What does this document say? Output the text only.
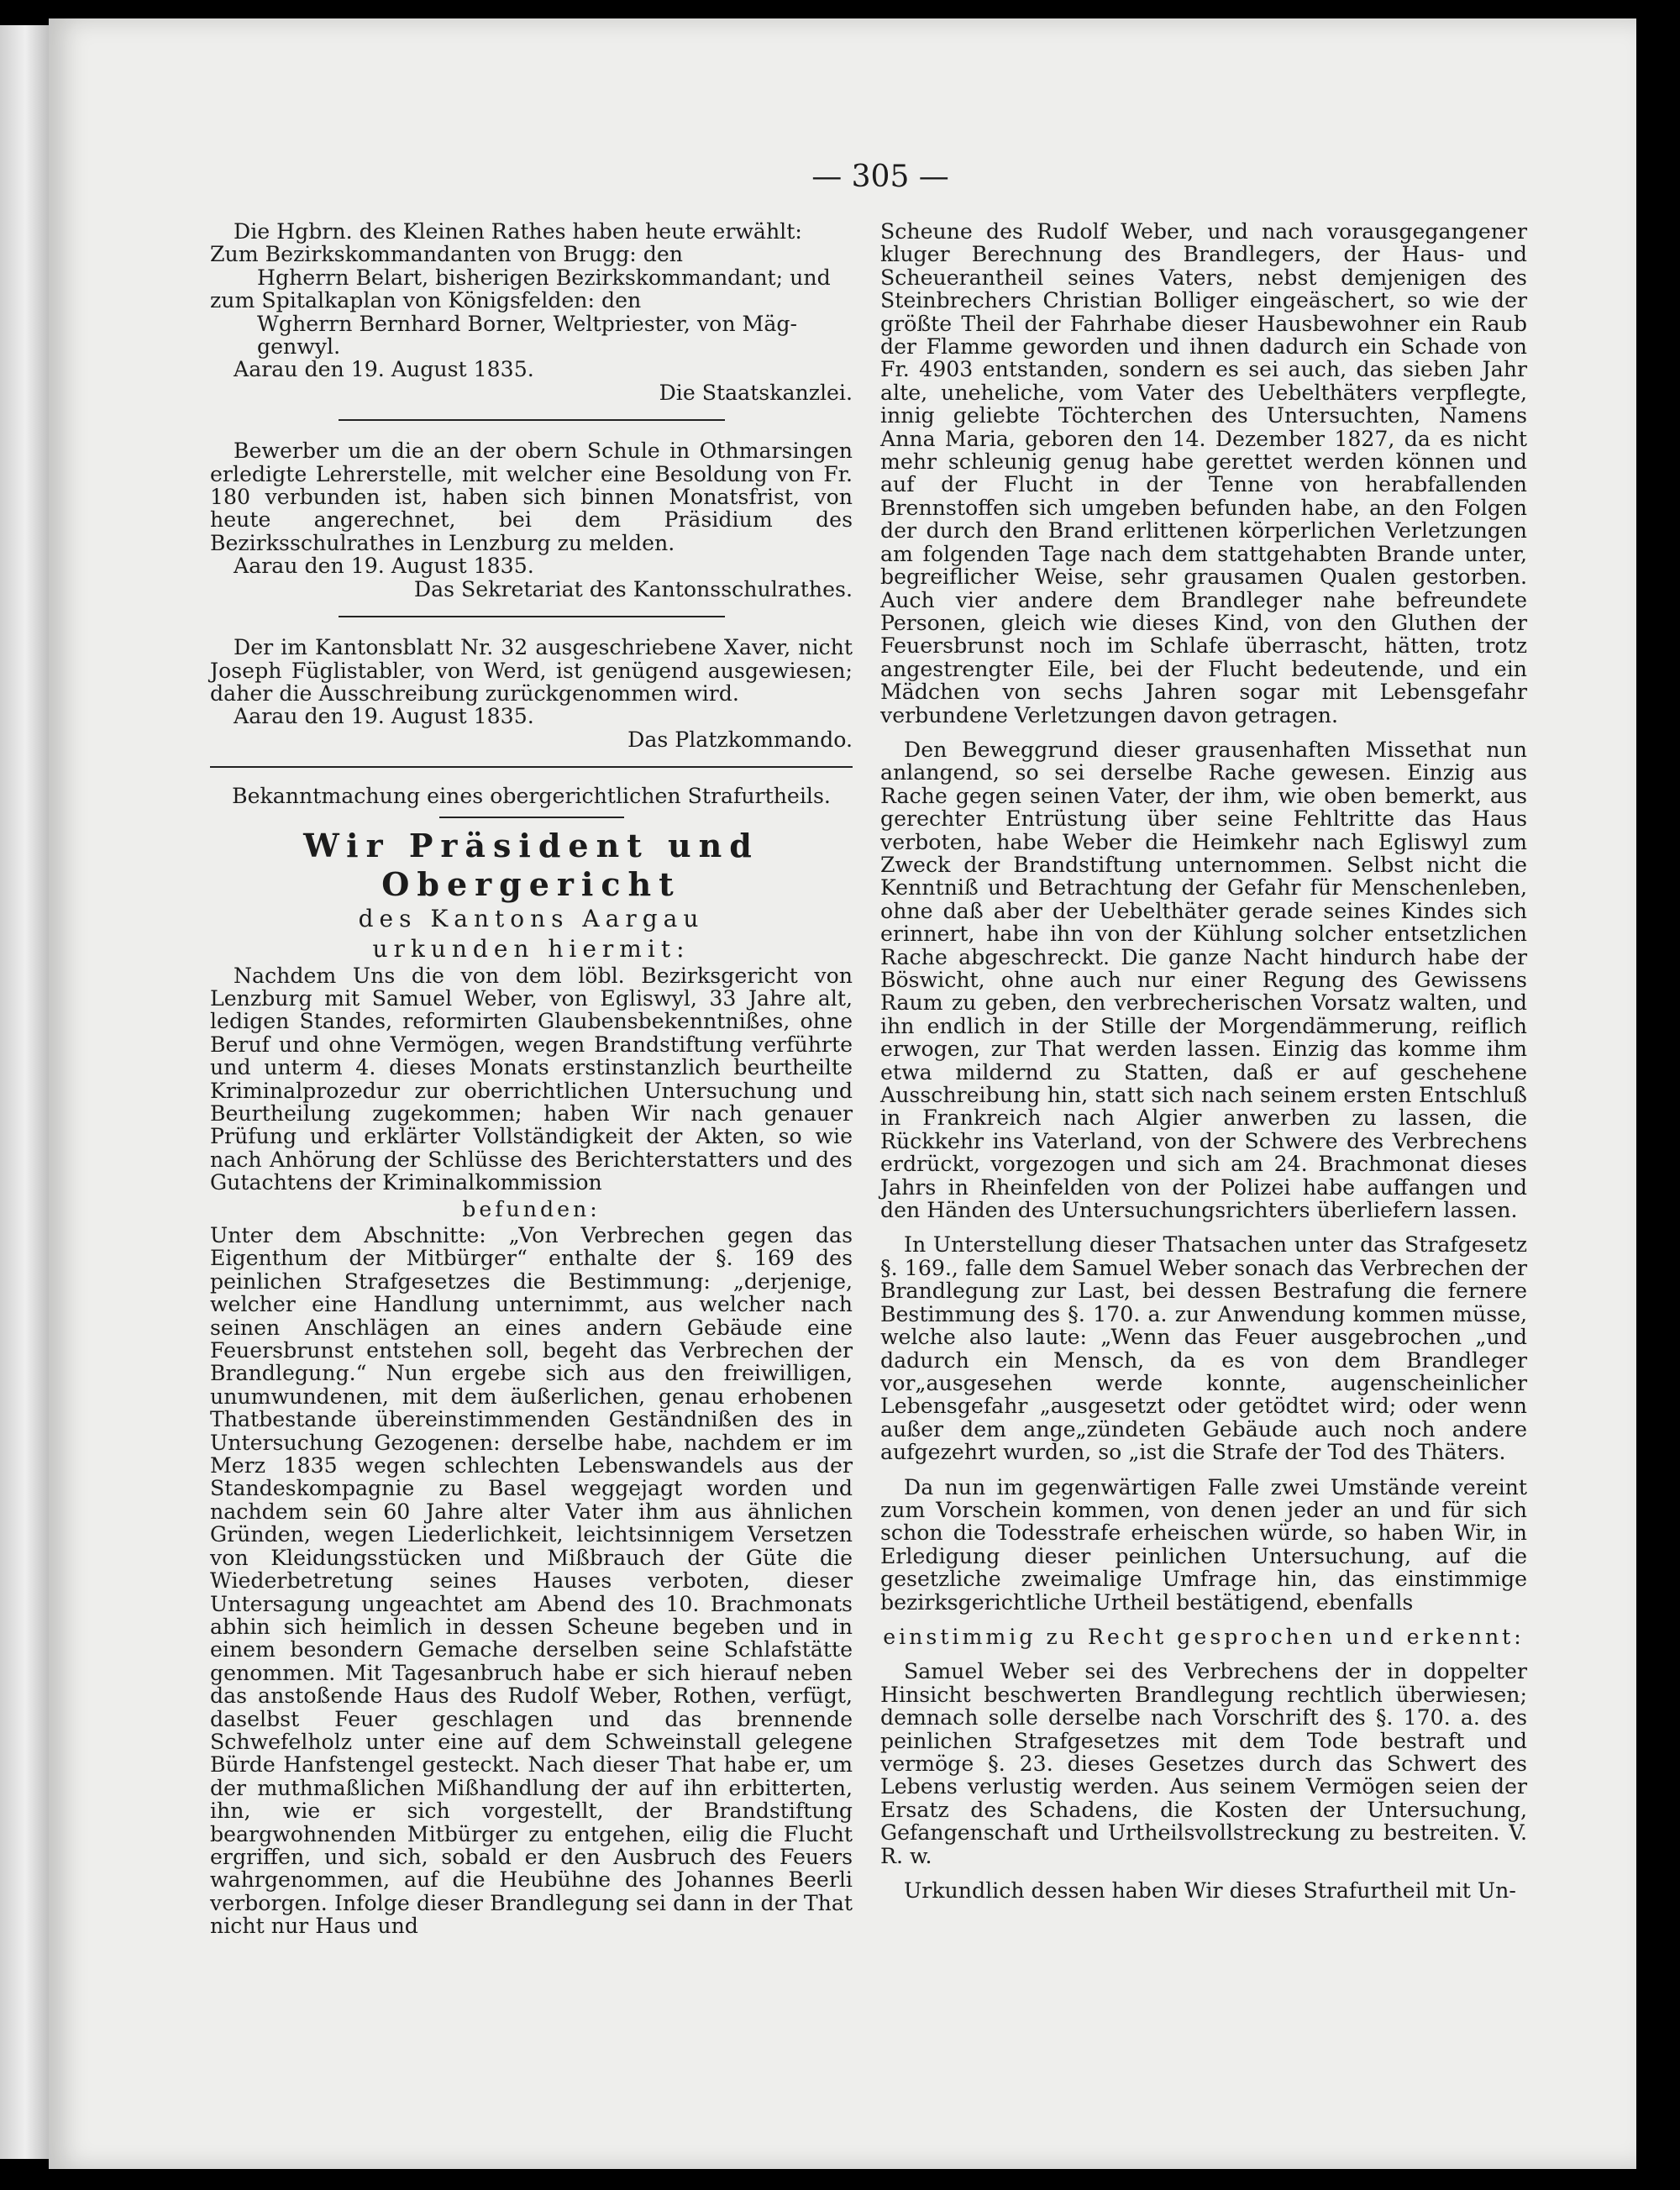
— 305 —

Die Hgbrn. des Kleinen Rathes haben heute erwählt:

Zum Bezirkskommandanten von Brugg: den

Hgherrn Belart, bisherigen Bezirkskommandant; und

zum Spitalkaplan von Königsfelden: den

Wgherrn Bernhard Borner, Weltpriester, von Mäg-

genwyl.

Aarau den 19. August 1835.

Die Staatskanzlei.

Bewerber um die an der obern Schule in Othmarsingen erledigte Lehrerstelle, mit welcher eine Besoldung von Fr. 180 verbunden ist, haben sich binnen Monatsfrist, von heute angerechnet, bei dem Präsidium des Bezirksschulrathes in Lenzburg zu melden.

Aarau den 19. August 1835.

Das Sekretariat des Kantonsschulrathes.

Der im Kantonsblatt Nr. 32 ausgeschriebene Xaver, nicht Joseph Füglistabler, von Werd, ist genügend ausgewiesen; daher die Ausschreibung zurückgenommen wird.

Aarau den 19. August 1835.

Das Platzkommando.

Bekanntmachung eines obergerichtlichen Strafurtheils.

Wir Präsident und Obergericht

des Kantons Aargau

urkunden hiermit:

Nachdem Uns die von dem löbl. Bezirksgericht von Lenzburg mit Samuel Weber, von Egliswyl, 33 Jahre alt, ledigen Standes, reformirten Glaubensbekenntnißes, ohne Beruf und ohne Vermögen, wegen Brandstiftung verführte und unterm 4. dieses Monats erstinstanzlich beurtheilte Kriminalprozedur zur oberrichtlichen Untersuchung und Beurtheilung zugekommen; haben Wir nach genauer Prüfung und erklärter Vollständigkeit der Akten, so wie nach Anhörung der Schlüsse des Berichterstatters und des Gutachtens der Kriminalkommission

befunden:

Unter dem Abschnitte: „Von Verbrechen gegen das Eigenthum der Mitbürger“ enthalte der §. 169 des peinlichen Strafgesetzes die Bestimmung: „derjenige, welcher eine Handlung unternimmt, aus welcher nach seinen Anschlägen an eines andern Gebäude eine Feuersbrunst entstehen soll, begeht das Verbrechen der Brandlegung.“ Nun ergebe sich aus den freiwilligen, unumwundenen, mit dem äußerlichen, genau erhobenen Thatbestande übereinstimmenden Geständnißen des in Untersuchung Gezogenen: derselbe habe, nachdem er im Merz 1835 wegen schlechten Lebenswandels aus der Standeskompagnie zu Basel weggejagt worden und nachdem sein 60 Jahre alter Vater ihm aus ähnlichen Gründen, wegen Liederlichkeit, leichtsinnigem Versetzen von Kleidungsstücken und Mißbrauch der Güte die Wiederbetretung seines Hauses verboten, dieser Untersagung ungeachtet am Abend des 10. Brachmonats abhin sich heimlich in dessen Scheune begeben und in einem besondern Gemache derselben seine Schlafstätte genommen. Mit Tagesanbruch habe er sich hierauf neben das anstoßende Haus des Rudolf Weber, Rothen, verfügt, daselbst Feuer geschlagen und das brennende Schwefelholz unter eine auf dem Schweinstall gelegene Bürde Hanfstengel gesteckt. Nach dieser That habe er, um der muthmaßlichen Mißhandlung der auf ihn erbitterten, ihn, wie er sich vorgestellt, der Brandstiftung beargwohnenden Mitbürger zu entgehen, eilig die Flucht ergriffen, und sich, sobald er den Ausbruch des Feuers wahrgenommen, auf die Heubühne des Johannes Beerli verborgen. Infolge dieser Brandlegung sei dann in der That nicht nur Haus und

Scheune des Rudolf Weber, und nach vorausgegangener kluger Berechnung des Brandlegers, der Haus- und Scheuerantheil seines Vaters, nebst demjenigen des Steinbrechers Christian Bolliger eingeäschert, so wie der größte Theil der Fahrhabe dieser Hausbewohner ein Raub der Flamme geworden und ihnen dadurch ein Schade von Fr. 4903 entstanden, sondern es sei auch, das sieben Jahr alte, uneheliche, vom Vater des Uebelthäters verpflegte, innig geliebte Töchterchen des Untersuchten, Namens Anna Maria, geboren den 14. Dezember 1827, da es nicht mehr schleunig genug habe gerettet werden können und auf der Flucht in der Tenne von herabfallenden Brennstoffen sich umgeben befunden habe, an den Folgen der durch den Brand erlittenen körperlichen Verletzungen am folgenden Tage nach dem stattgehabten Brande unter, begreiflicher Weise, sehr grausamen Qualen gestorben. Auch vier andere dem Brandleger nahe befreundete Personen, gleich wie dieses Kind, von den Gluthen der Feuersbrunst noch im Schlafe überrascht, hätten, trotz angestrengter Eile, bei der Flucht bedeutende, und ein Mädchen von sechs Jahren sogar mit Lebensgefahr verbundene Verletzungen davon getragen.

Den Beweggrund dieser grausenhaften Missethat nun anlangend, so sei derselbe Rache gewesen. Einzig aus Rache gegen seinen Vater, der ihm, wie oben bemerkt, aus gerechter Entrüstung über seine Fehltritte das Haus verboten, habe Weber die Heimkehr nach Egliswyl zum Zweck der Brandstiftung unternommen. Selbst nicht die Kenntniß und Betrachtung der Gefahr für Menschenleben, ohne daß aber der Uebelthäter gerade seines Kindes sich erinnert, habe ihn von der Kühlung solcher entsetzlichen Rache abgeschreckt. Die ganze Nacht hindurch habe der Böswicht, ohne auch nur einer Regung des Gewissens Raum zu geben, den verbrecherischen Vorsatz walten, und ihn endlich in der Stille der Morgendämmerung, reiflich erwogen, zur That werden lassen. Einzig das komme ihm etwa mildernd zu Statten, daß er auf geschehene Ausschreibung hin, statt sich nach seinem ersten Entschluß in Frankreich nach Algier anwerben zu lassen, die Rückkehr ins Vaterland, von der Schwere des Verbrechens erdrückt, vorgezogen und sich am 24. Brachmonat dieses Jahrs in Rheinfelden von der Polizei habe auffangen und den Händen des Untersuchungsrichters überliefern lassen.

In Unterstellung dieser Thatsachen unter das Strafgesetz §. 169., falle dem Samuel Weber sonach das Verbrechen der Brandlegung zur Last, bei dessen Bestrafung die fernere Bestimmung des §. 170. a. zur Anwendung kommen müsse, welche also laute: „Wenn das Feuer ausgebrochen „und dadurch ein Mensch, da es von dem Brandleger vor„ausgesehen werde konnte, augenscheinlicher Lebensgefahr „ausgesetzt oder getödtet wird; oder wenn außer dem ange„zündeten Gebäude auch noch andere aufgezehrt wurden, so „ist die Strafe der Tod des Thäters.

Da nun im gegenwärtigen Falle zwei Umstände vereint zum Vorschein kommen, von denen jeder an und für sich schon die Todesstrafe erheischen würde, so haben Wir, in Erledigung dieser peinlichen Untersuchung, auf die gesetzliche zweimalige Umfrage hin, das einstimmige bezirksgerichtliche Urtheil bestätigend, ebenfalls

einstimmig zu Recht gesprochen und erkennt:

Samuel Weber sei des Verbrechens der in doppelter Hinsicht beschwerten Brandlegung rechtlich überwiesen; demnach solle derselbe nach Vorschrift des §. 170. a. des peinlichen Strafgesetzes mit dem Tode bestraft und vermöge §. 23. dieses Gesetzes durch das Schwert des Lebens verlustig werden. Aus seinem Vermögen seien der Ersatz des Schadens, die Kosten der Untersuchung, Gefangenschaft und Urtheilsvollstreckung zu bestreiten. V. R. w.

Urkundlich dessen haben Wir dieses Strafurtheil mit Un-
